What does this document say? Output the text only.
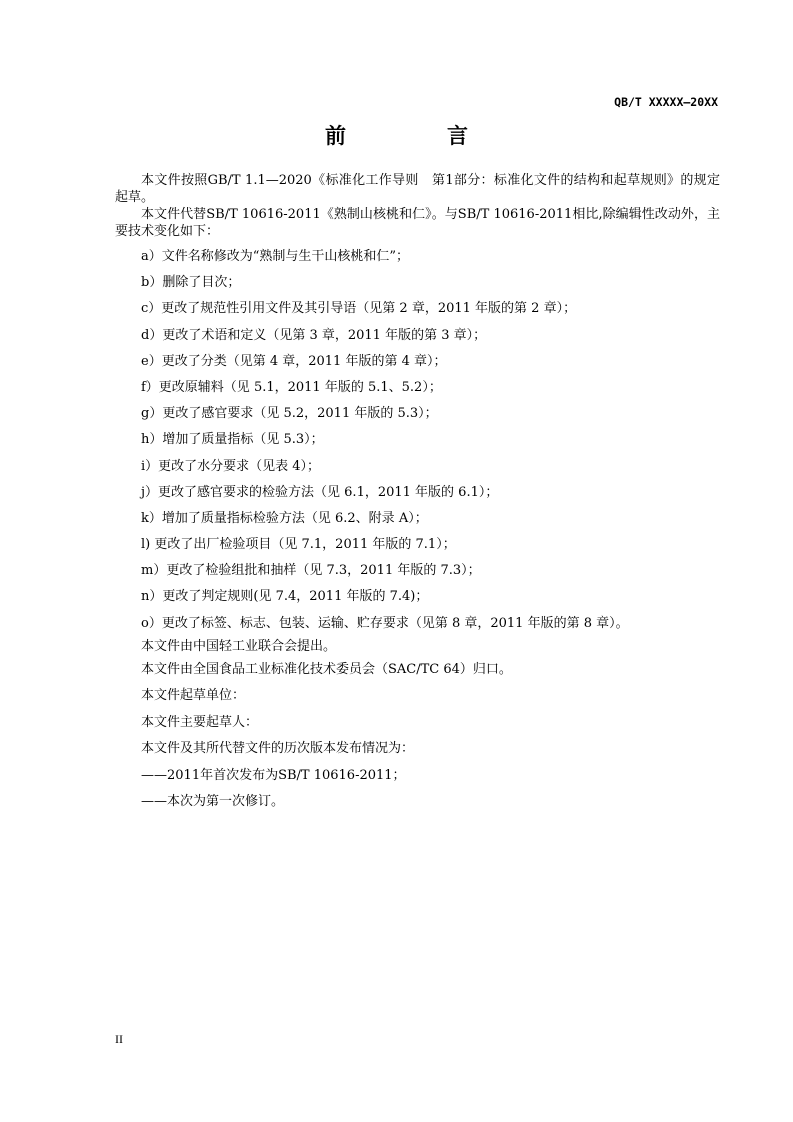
QB/T XXXXX—20XX
前　言

本文件按照GB/T 1.1—2020《标准化工作导则　第1部分：标准化文件的结构和起草规则》的规定起草。

本文件代替SB/T 10616-2011《熟制山核桃和仁》。与SB/T 10616-2011相比,除编辑性改动外，主要技术变化如下：

a）文件名称修改为“熟制与生干山核桃和仁”；
b）删除了目次；
c）更改了规范性引用文件及其引导语（见第 2 章，2011 年版的第 2 章）；
d）更改了术语和定义（见第 3 章，2011 年版的第 3 章）；
e）更改了分类（见第 4 章，2011 年版的第 4 章）；
f）更改原辅料（见 5.1，2011 年版的 5.1、5.2）；
g）更改了感官要求（见 5.2，2011 年版的 5.3）；
h）增加了质量指标（见 5.3）；
i）更改了水分要求（见表 4）；
j）更改了感官要求的检验方法（见 6.1，2011 年版的 6.1）；
k）增加了质量指标检验方法（见 6.2、附录 A）；
l) 更改了出厂检验项目（见 7.1，2011 年版的 7.1）；
m）更改了检验组批和抽样（见 7.3，2011 年版的 7.3）；
n）更改了判定规则(见 7.4，2011 年版的 7.4)；
o）更改了标签、标志、包装、运输、贮存要求（见第 8 章，2011 年版的第 8 章）。
本文件由中国轻工业联合会提出。
本文件由全国食品工业标准化技术委员会（SAC/TC 64）归口。
本文件起草单位：
本文件主要起草人：
本文件及其所代替文件的历次版本发布情况为：
——2011年首次发布为SB/T 10616-2011；
——本次为第一次修订。
II
